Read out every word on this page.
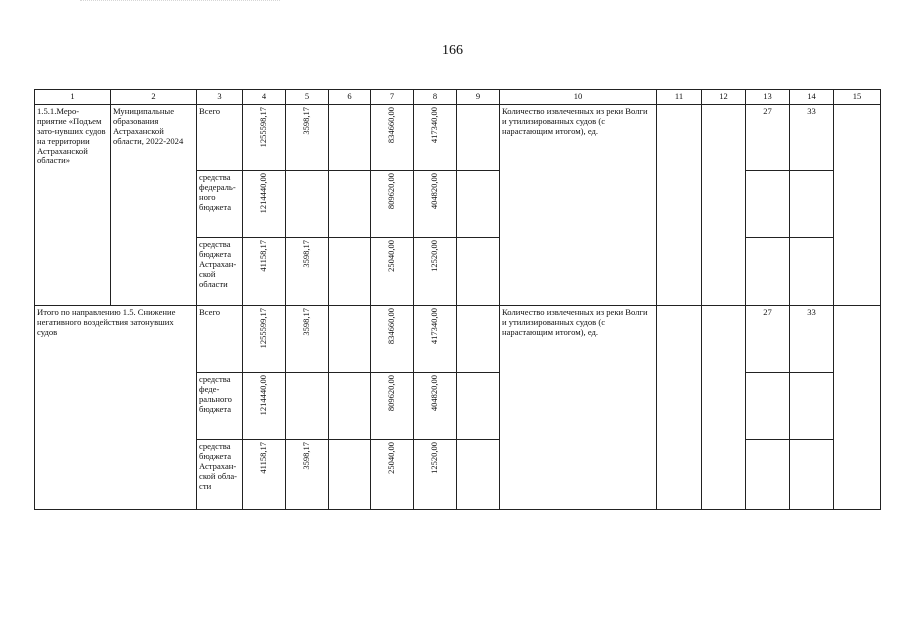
166
1	2	3	4	5	6	7	8	9	10	11	12	13	14	15
1.5.1.Меро-приятие «Подъем зато-нувших судов на территории Астраханской области»	Муниципальные образования Астраханской области, 2022-2024	Всего	1255598,17	3598,17		834660,00	417340,00		Количество извлеченных из реки Волги и утилизированных судов (с нарастающим итогом), ед.			27	33	
		средства федераль-ного бюджета	1214440,00			809620,00	404820,00							
		средства бюджета Астрахан-ской области	41158,17	3598,17		25040,00	12520,00							
Итого по направлению 1.5. Снижение негативного воздействия затонувших судов		Всего	1255599,17	3598,17		834660,00	417340,00		Количество извлеченных из реки Волги и утилизированных судов (с нарастающим итогом), ед.			27	33	
		средства феде-рального бюджета	1214440,00			809620,00	404820,00							
		средства бюджета Астрахан-ской обла-сти	41158,17	3598,17		25040,00	12520,00							
